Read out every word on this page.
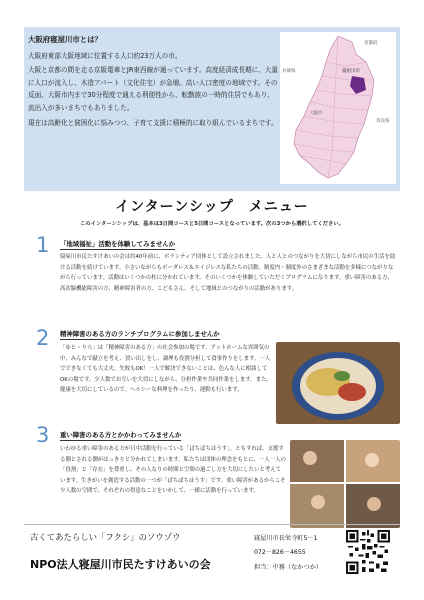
大阪府寝屋川市とは？

大阪府東部大阪地域に位置する人口約23万人の市。

大阪と京都の間を走る京阪電車とJR東西線が通っています。高度経済成長期に、大量に人口が流入し、木造アパート（文化住宅）が急増。高い人口密度の地域です。その反面、大阪市内まで30分程度で通える利便性から、転勤族の一時的住居でもあり、流出入が多いまちでもありました。

現在は高齢化と貧困化に悩みつつ、子育て支援に積極的に取り組んでいるまちです。

京都府
寝屋川市
大阪市
奈良県
兵庫県
インターンシップ　メニュー
このインターンシップは、基本は3日間コースと5日間コースとなっています。次の3つから選択してください。
1 「地域福祉」活動を体験してみませんか
寝屋川市民たすけあいの会は約40年前に、ボランティア団体として設立されました。人と人とのつながりを大切にしながら市民の生活を助ける活動を続けています。小さいながらもボーダレス＆エイジレスな私たちの活動。制度内・制度外のさまざまな活動を多様につながりながら行っています。活動はいくつかの柱に分かれています。そのいくつかを体験していただくプログラムになります。重い障害のある方、高次脳機能障害の方、精神障害者の方、こどもさん、そして地域とのつながりの活動があります。
2 精神障害のある方のランチプログラムに参加しませんか
「ゆと・りろ」は「精神障害のある方」の社会参加の場です。アットホームな雰囲気の中、みんなで献立を考え、買い出しをし、調理も役割分担して食事作りをします。一人でできなくても大丈夫。失敗もOK！一人で解決できないことは、色んな人に相談してOKの場です。少人数でお互いを大切にしながら、分担作業や共同作業をします。また、健康を大切にしているので、ヘルシーな料理を作ったり、運動も行います。
3 重い障害のある方とかかわってみませんか
いわゆる重い障害のある方が日中活動を行っている「ぱちぱちはうす」。ともすれば、支援する側とされる側がはっきりと分かれてしまいます。私たちは団体の理念をもとに、一人一人の「役割」と「存在」を尊重し、その人なりの時間と空間の過ごし方を大切にしたいと考えています。生きがいを創造する活動の一つが「ぱちぱちはうす」です。重い障害があるからこそ少人数の空間で、それぞれの得意なことをいかして、一緒に活動を行っています。
古くてあたらしい「フクシ」のソウゾウ
NPO法人寝屋川市民たすけあいの会
寝屋川市長栄寺町5－1
072－826－4655
担当：中務（なかつか）
